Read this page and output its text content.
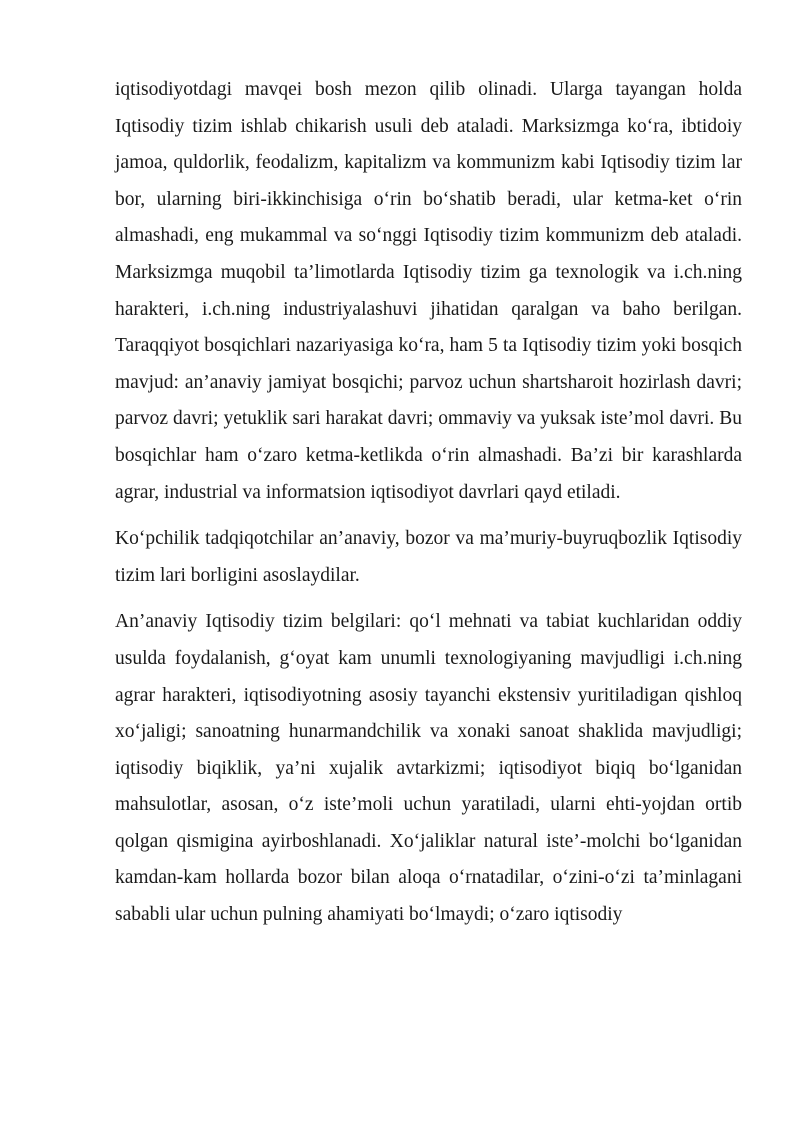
iqtisodiyotdagi mavqei bosh mezon qilib olinadi. Ularga tayangan holda Iqtisodiy tizim ishlab chikarish usuli deb ataladi. Marksizmga ko‘ra, ibtidoiy jamoa, quldorlik, feodalizm, kapitalizm va kommunizm kabi Iqtisodiy tizim lar bor, ularning biri-ikkinchisiga o‘rin bo‘shatib beradi, ular ketma-ket o‘rin almashadi, eng mukammal va so‘nggi Iqtisodiy tizim kommunizm deb ataladi. Marksizmga muqobil ta’limotlarda Iqtisodiy tizim ga texnologik va i.ch.ning harakteri, i.ch.ning industriyalashuvi jihatidan qaralgan va baho berilgan. Taraqqiyot bosqichlari nazariyasiga ko‘ra, ham 5 ta Iqtisodiy tizim yoki bosqich mavjud: an’anaviy jamiyat bosqichi; parvoz uchun shartsharoit hozirlash davri; parvoz davri; yetuklik sari harakat davri; ommaviy va yuksak iste’mol davri. Bu bosqichlar ham o‘zaro ketma-ketlikda o‘rin almashadi. Ba’zi bir karashlarda agrar, industrial va informatsion iqtisodiyot davrlari qayd etiladi.

Ko‘pchilik tadqiqotchilar an’anaviy, bozor va ma’muriy-buyruqbozlik Iqtisodiy tizim lari borligini asoslaydilar.

An’anaviy Iqtisodiy tizim belgilari: qo‘l mehnati va tabiat kuchlaridan oddiy usulda foydalanish, g‘oyat kam unumli texnologiyaning mavjudligi i.ch.ning agrar harakteri, iqtisodiyotning asosiy tayanchi ekstensiv yuritiladigan qishloq xo‘jaligi; sanoatning hunarmandchilik va xonaki sanoat shaklida mavjudligi; iqtisodiy biqiklik, ya’ni xujalik avtarkizmi; iqtisodiyot biqiq bo‘lganidan mahsulotlar, asosan, o‘z iste’moli uchun yaratiladi, ularni ehti-yojdan ortib qolgan qismigina ayirboshlanadi. Xo‘jaliklar natural iste’-molchi bo‘lganidan kamdan-kam hollarda bozor bilan aloqa o‘rnatadilar, o‘zini-o‘zi ta’minlagani sababli ular uchun pulning ahamiyati bo‘lmaydi; o‘zaro iqtisodiy
